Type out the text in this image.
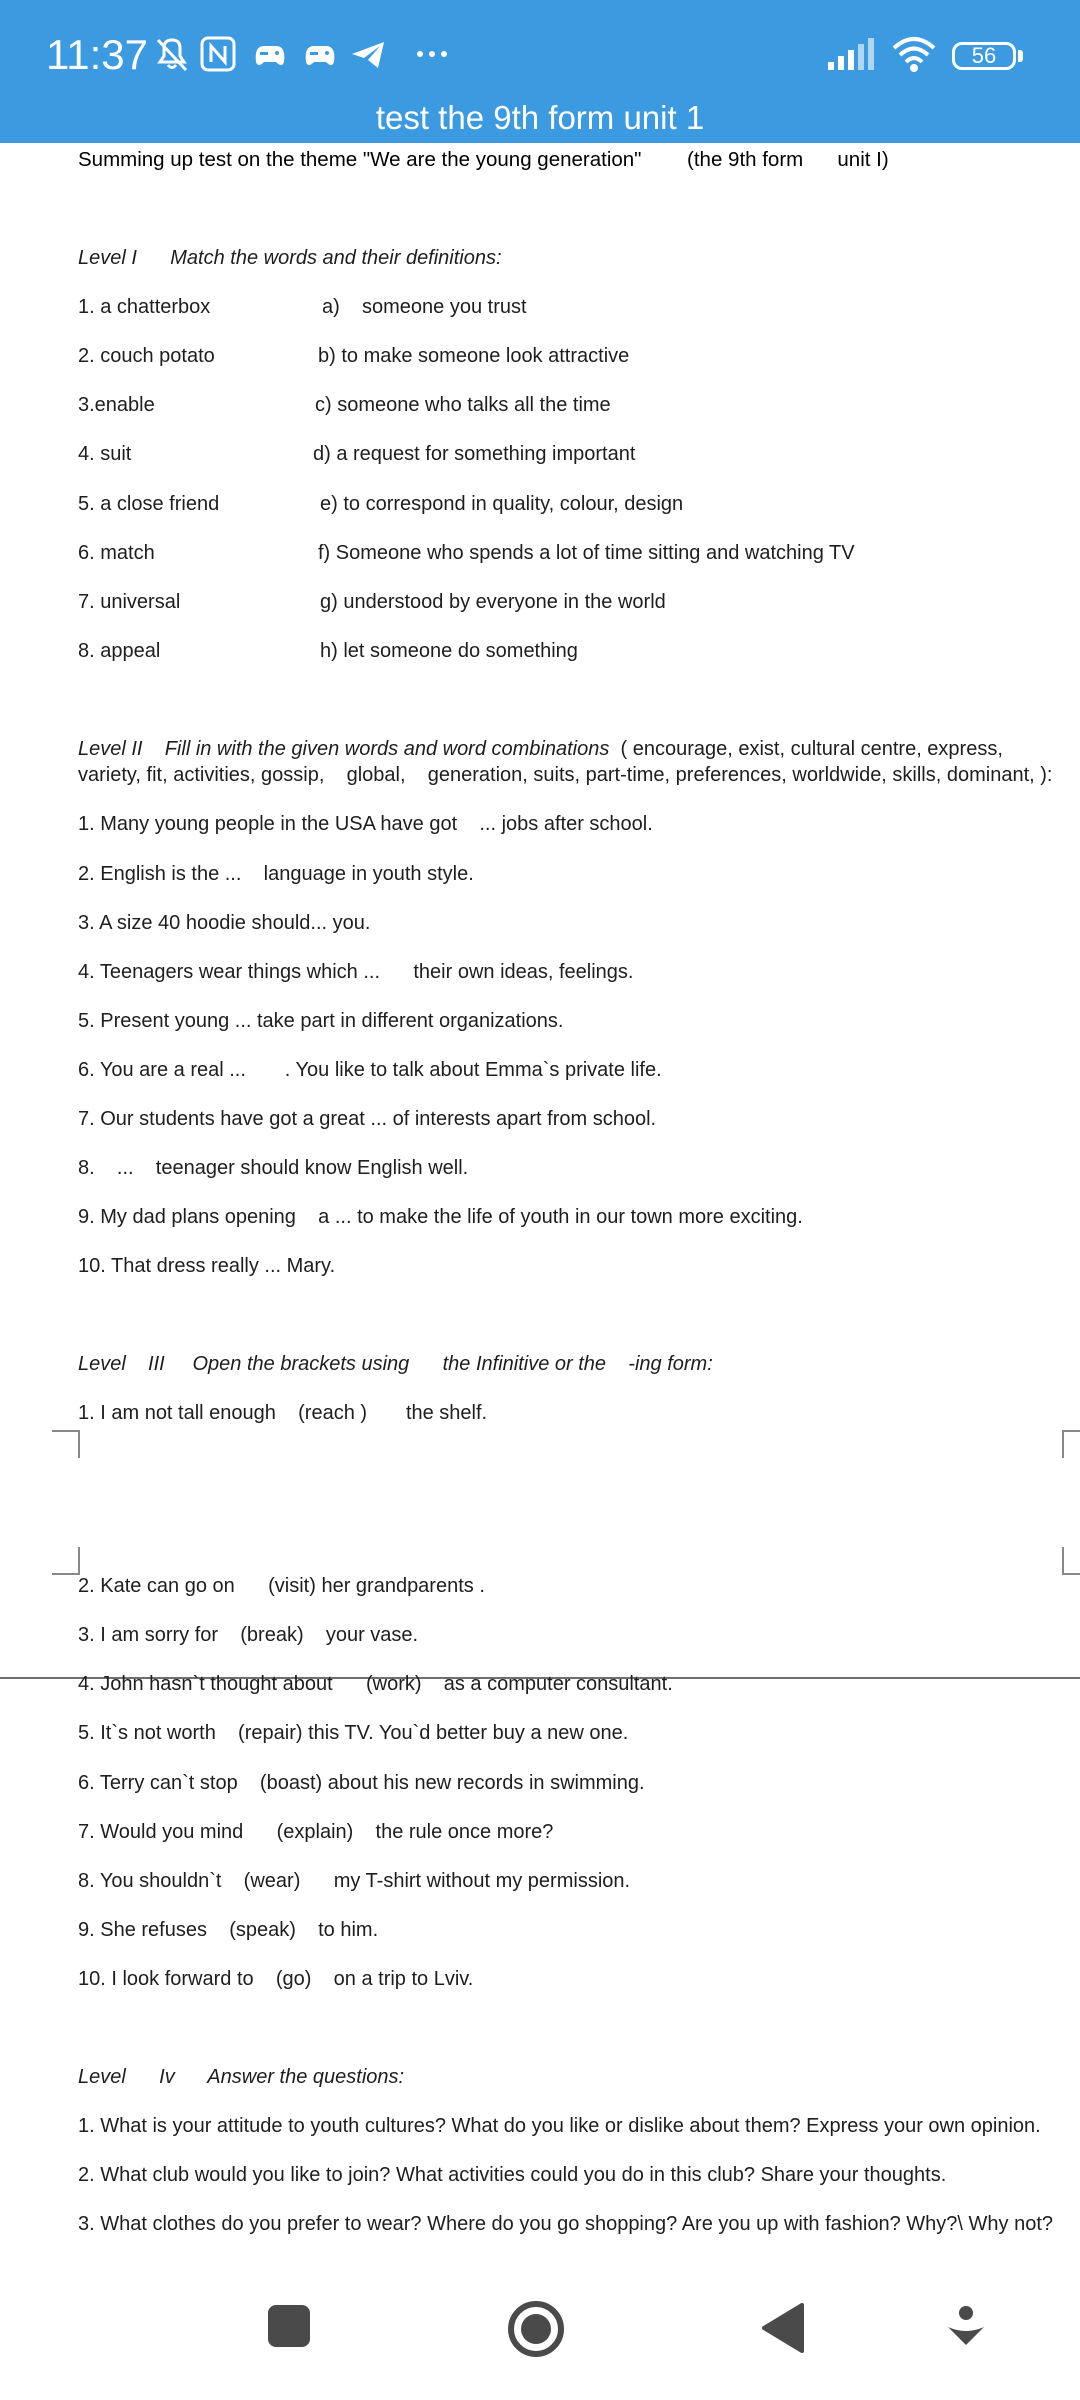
11:37	56
test the 9th form unit 1
Summing up test on the theme "We are the young generation"        (the 9th form      unit I)
Level I      Match the words and their definitions:
1. a chatterbox	a)    someone you trust
2. couch potato	b) to make someone look attractive
3.enable	c) someone who talks all the time
4. suit	d) a request for something important
5. a close friend	e) to correspond in quality, colour, design
6. match	f) Someone who spends a lot of time sitting and watching TV
7. universal	g) understood by everyone in the world
8. appeal	h) let someone do something
Level II    Fill in with the given words and word combinations  ( encourage, exist, cultural centre, express,
variety, fit, activities, gossip,    global,    generation, suits, part-time, preferences, worldwide, skills, dominant, ):
1. Many young people in the USA have got    ... jobs after school.
2. English is the ...    language in youth style.
3. A size 40 hoodie should... you.
4. Teenagers wear things which ...      their own ideas, feelings.
5. Present young ... take part in different organizations.
6. You are a real ...       . You like to talk about Emma`s private life.
7. Our students have got a great ... of interests apart from school.
8.    ...    teenager should know English well.
9. My dad plans opening    a ... to make the life of youth in our town more exciting.
10. That dress really ... Mary.
Level    III     Open the brackets using      the Infinitive or the    -ing form:
1. I am not tall enough    (reach )       the shelf.
2. Kate can go on      (visit) her grandparents .
3. I am sorry for    (break)    your vase.
4. John hasn`t thought about      (work)    as a computer consultant.
5. It`s not worth    (repair) this TV. You`d better buy a new one.
6. Terry can`t stop    (boast) about his new records in swimming.
7. Would you mind      (explain)    the rule once more?
8. You shouldn`t    (wear)      my T-shirt without my permission.
9. She refuses    (speak)    to him.
10. I look forward to    (go)    on a trip to Lviv.
Level      Iv      Answer the questions:
1. What is your attitude to youth cultures? What do you like or dislike about them? Express your own opinion.
2. What club would you like to join? What activities could you do in this club? Share your thoughts.
3. What clothes do you prefer to wear? Where do you go shopping? Are you up with fashion? Why?\ Why not?
